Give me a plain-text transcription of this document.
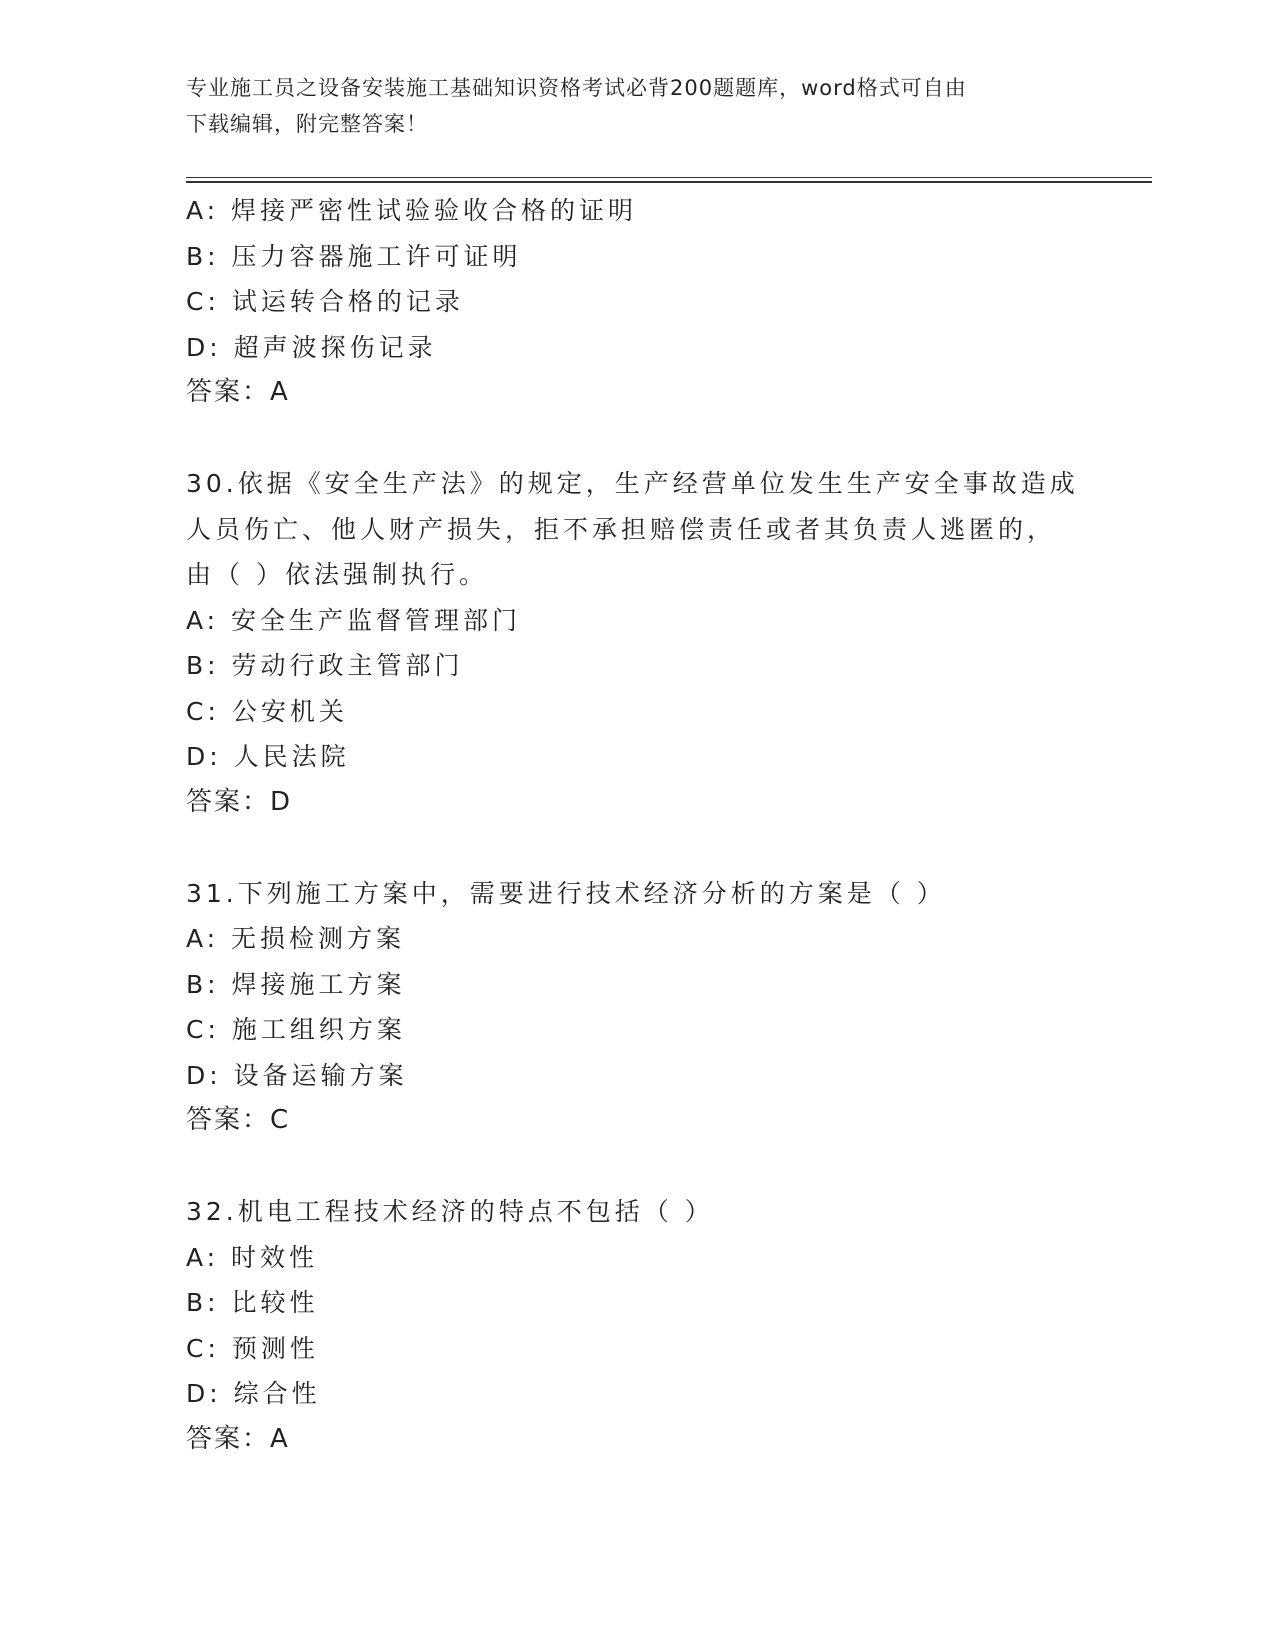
专业施工员之设备安装施工基础知识资格考试必背200题题库，word格式可自由
下载编辑，附完整答案！
A: 焊接严密性试验验收合格的证明
B: 压力容器施工许可证明
C: 试运转合格的记录
D: 超声波探伤记录
答案：A
30.依据《安全生产法》的规定，生产经营单位发生生产安全事故造成
人员伤亡、他人财产损失，拒不承担赔偿责任或者其负责人逃匿的，
由（ ）依法强制执行。
A: 安全生产监督管理部门
B: 劳动行政主管部门
C: 公安机关
D: 人民法院
答案：D
31.下列施工方案中，需要进行技术经济分析的方案是（ ）
A: 无损检测方案
B: 焊接施工方案
C: 施工组织方案
D: 设备运输方案
答案：C
32.机电工程技术经济的特点不包括（ ）
A: 时效性
B: 比较性
C: 预测性
D: 综合性
答案：A
